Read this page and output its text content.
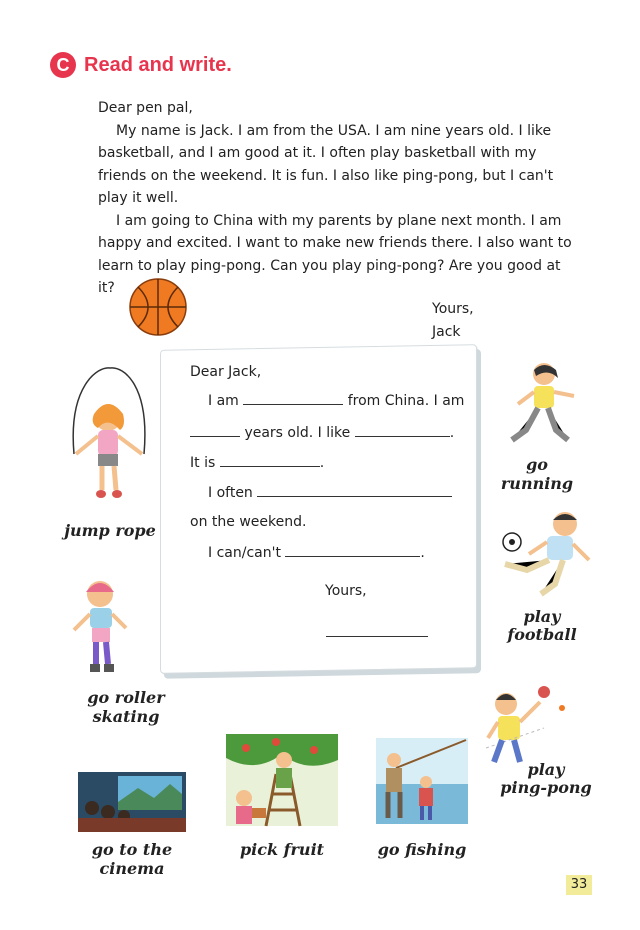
C Read and write.

Dear pen pal,

My name is Jack. I am from the USA. I am nine years old. I like basketball, and I am good at it. I often play basketball with my friends on the weekend. It is fun. I also like ping-pong, but I can't play it well.

I am going to China with my parents by plane next month. I am happy and excited. I want to make new friends there. I also want to learn to play ping-pong. Can you play ping-pong? Are you good at it?

Yours,
Jack
Dear Jack,
I am	from China. I am
years old. I like	.
It is	.
I often
on the weekend.
I can/can't	.
Yours,
jump rope
go roller skating
go running
play
football
play
ping-pong
go to the cinema
pick fruit	go fishing
33
